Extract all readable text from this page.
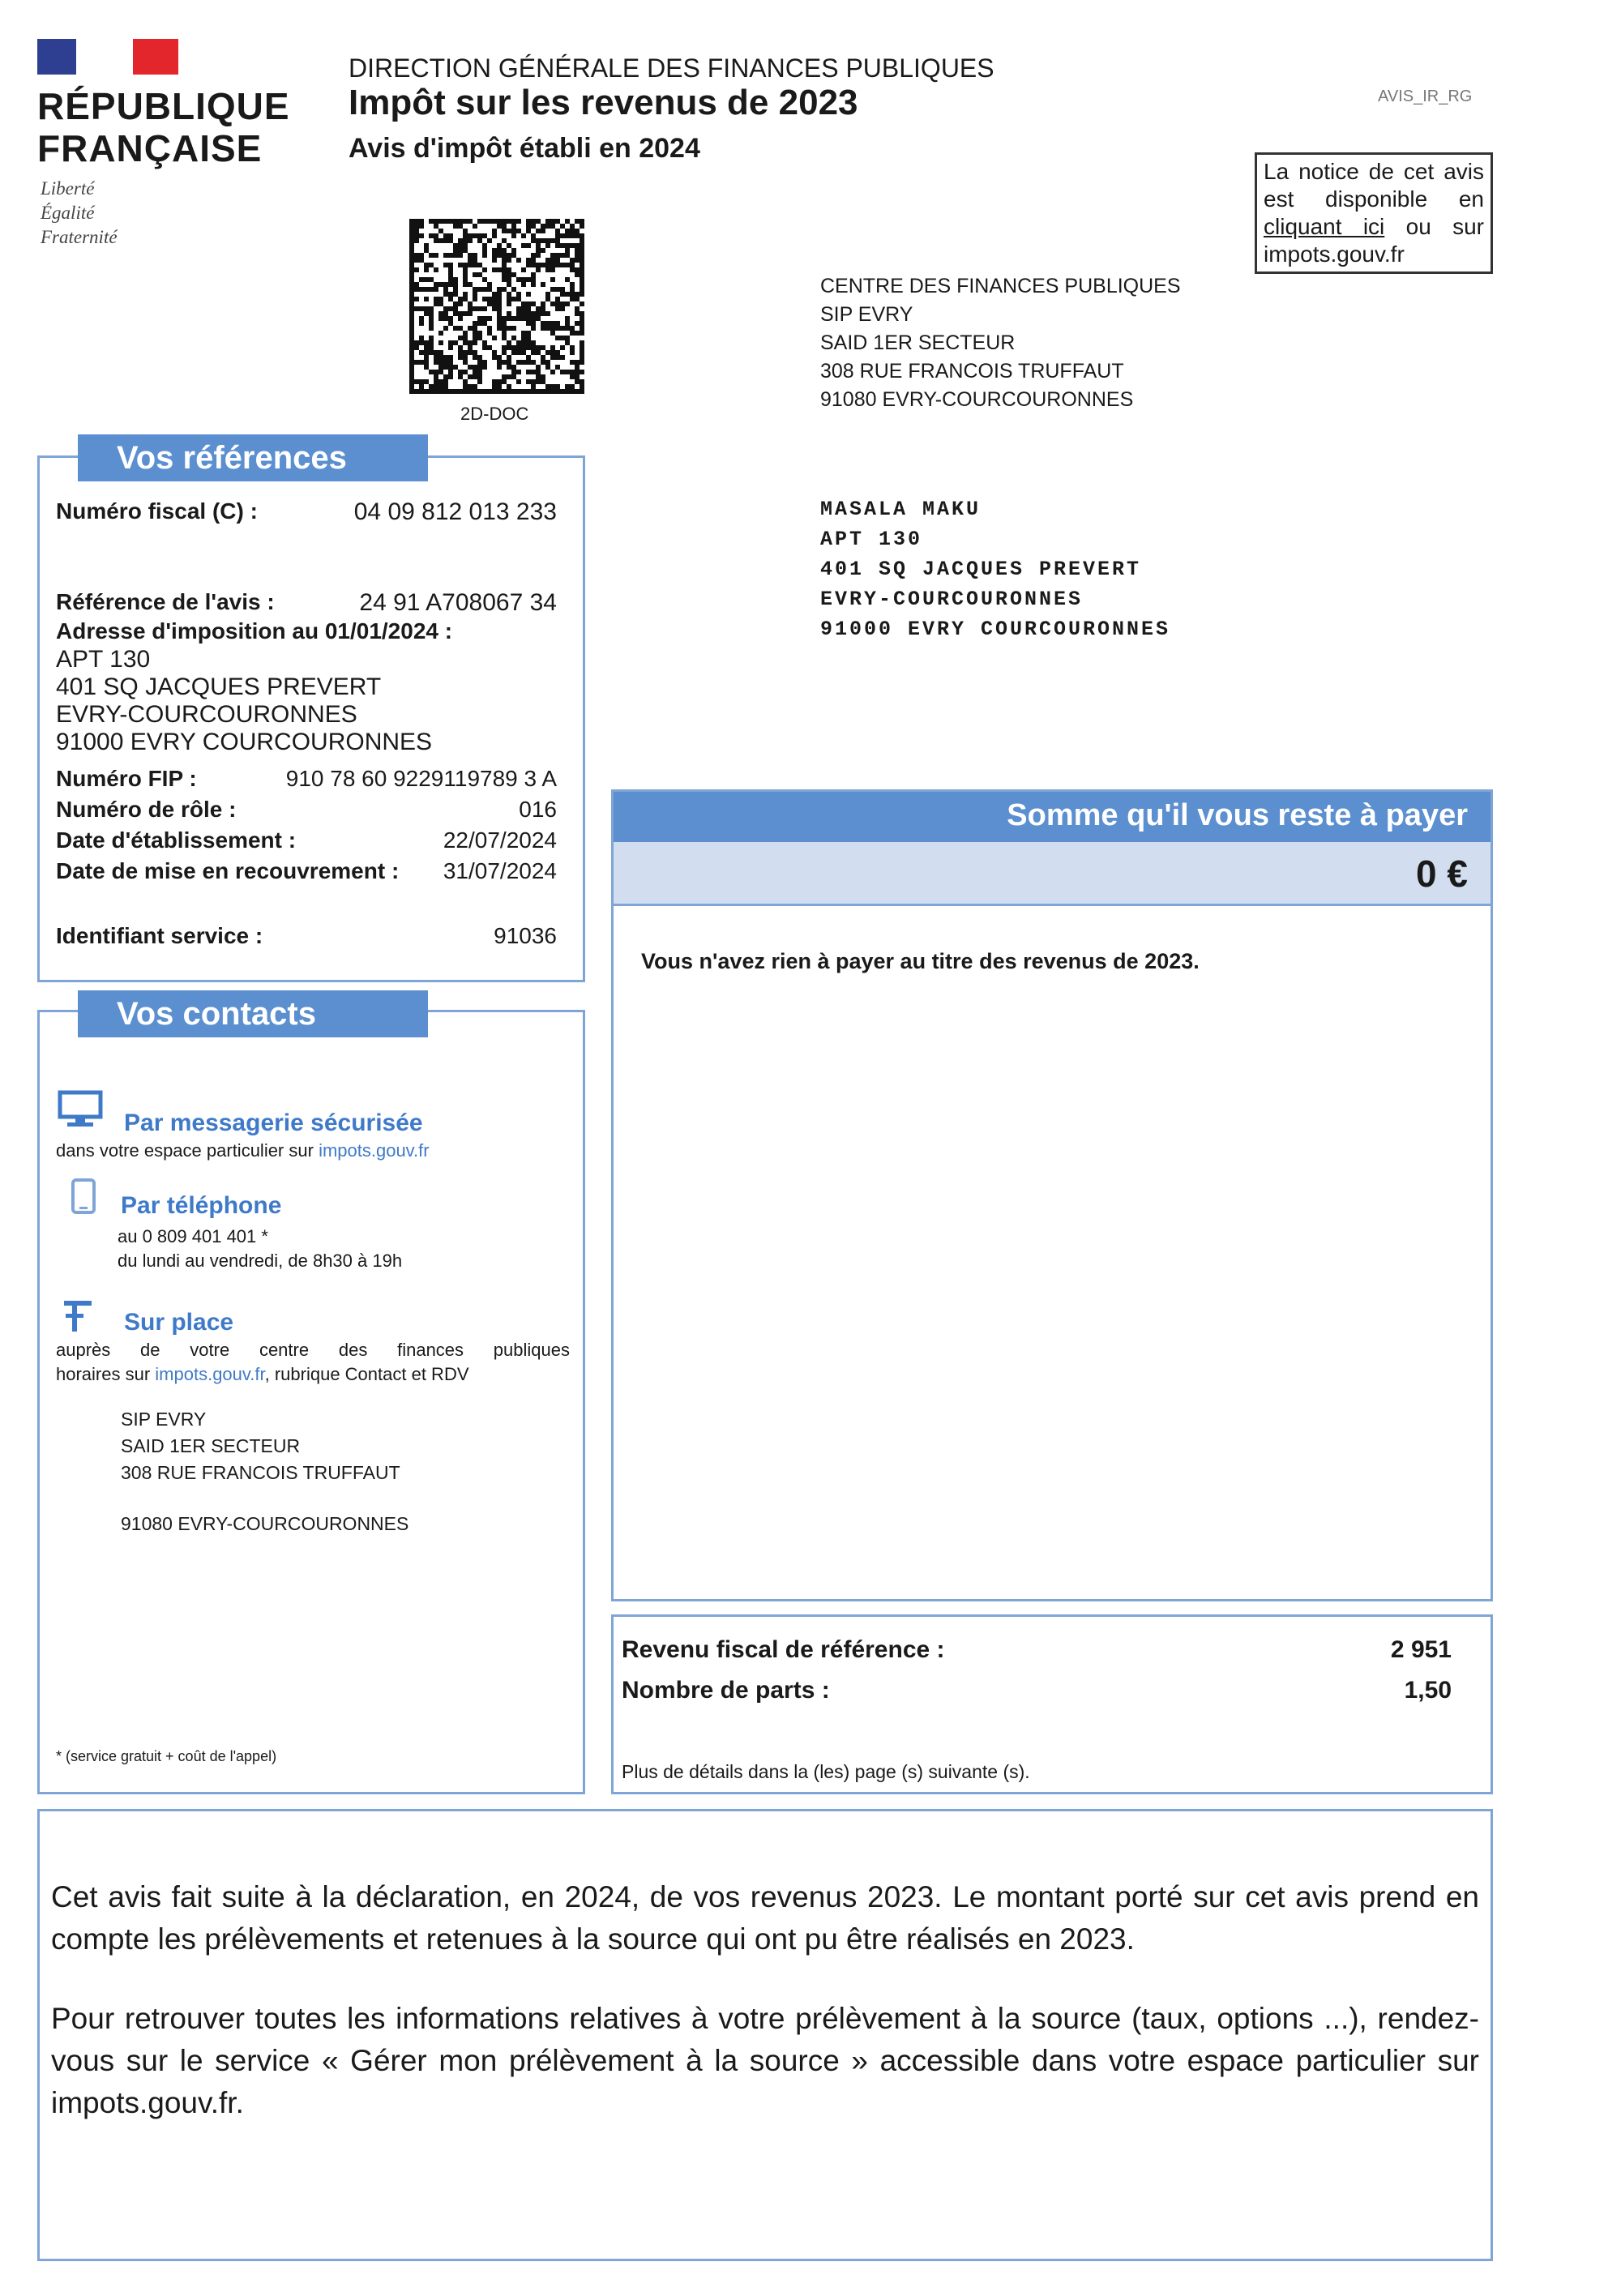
RÉPUBLIQUE
FRANÇAISE
Liberté
Égalité
Fraternité
DIRECTION GÉNÉRALE DES FINANCES PUBLIQUES
Impôt sur les revenus de 2023
Avis d'impôt établi en 2024
AVIS_IR_RG
La notice de cet avis est disponible en cliquant ici ou sur impots.gouv.fr
2D-DOC
CENTRE DES FINANCES PUBLIQUES
SIP EVRY
SAID 1ER SECTEUR
308 RUE FRANCOIS TRUFFAUT
91080 EVRY-COURCOURONNES
MASALA MAKU
APT 130
401 SQ JACQUES PREVERT
EVRY-COURCOURONNES
91000 EVRY COURCOURONNES
Numéro fiscal (C) :	04 09 812 013 233
Référence de l'avis :	24 91 A708067 34
Adresse d'imposition au 01/01/2024 :
APT 130
401 SQ JACQUES PREVERT
EVRY-COURCOURONNES
91000 EVRY COURCOURONNES
Numéro FIP :	910 78 60 9229119789 3 A
Numéro de rôle :	016
Date d'établissement :	22/07/2024
Date de mise en recouvrement : 31/07/2024
Identifiant service :	91036
Vos références
Par messagerie sécurisée
dans votre espace particulier sur impots.gouv.fr
Par téléphone
au 0 809 401 401 *
du lundi au vendredi, de 8h30 à 19h
Sur place
auprès de votre centre des finances publiques
horaires sur impots.gouv.fr, rubrique Contact et RDV
SIP EVRY
SAID 1ER SECTEUR
308 RUE FRANCOIS TRUFFAUT
91080 EVRY-COURCOURONNES
* (service gratuit + coût de l'appel)
Vos contacts
Somme qu'il vous reste à payer
0 €
Vous n'avez rien à payer au titre des revenus de 2023.
Revenu fiscal de référence :	2 951
Nombre de parts :	1,50
Plus de détails dans la (les) page (s) suivante (s).
Cet avis fait suite à la déclaration, en 2024, de vos revenus 2023. Le montant porté sur cet avis prend en compte les prélèvements et retenues à la source qui ont pu être réalisés en 2023.
Pour retrouver toutes les informations relatives à votre prélèvement à la source (taux, options ...), rendez-vous sur le service « Gérer mon prélèvement à la source » accessible dans votre espace particulier sur impots.gouv.fr.
